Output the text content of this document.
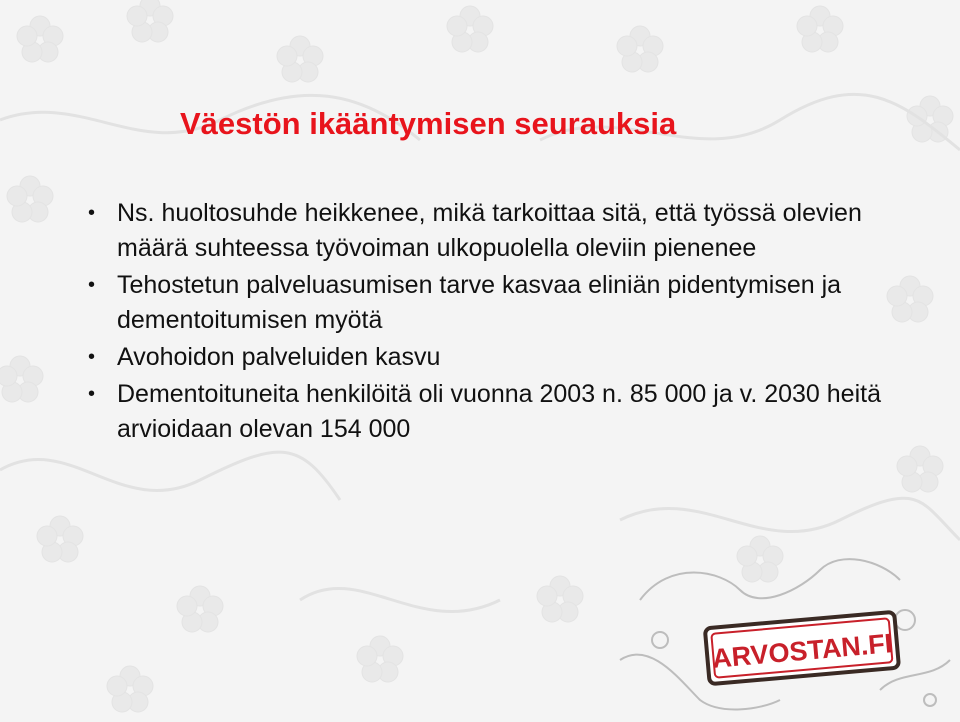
Väestön ikääntymisen seurauksia
• Ns. huoltosuhde heikkenee, mikä tarkoittaa sitä, että työssä olevien määrä suhteessa työvoiman ulkopuolella oleviin pienenee
• Tehostetun palveluasumisen tarve kasvaa eliniän pidentymisen ja dementoitumisen myötä
• Avohoidon palveluiden kasvu
• Dementoituneita henkilöitä oli vuonna 2003 n. 85 000 ja v. 2030 heitä arvioidaan olevan 154 000
ARVOSTAN.FI
